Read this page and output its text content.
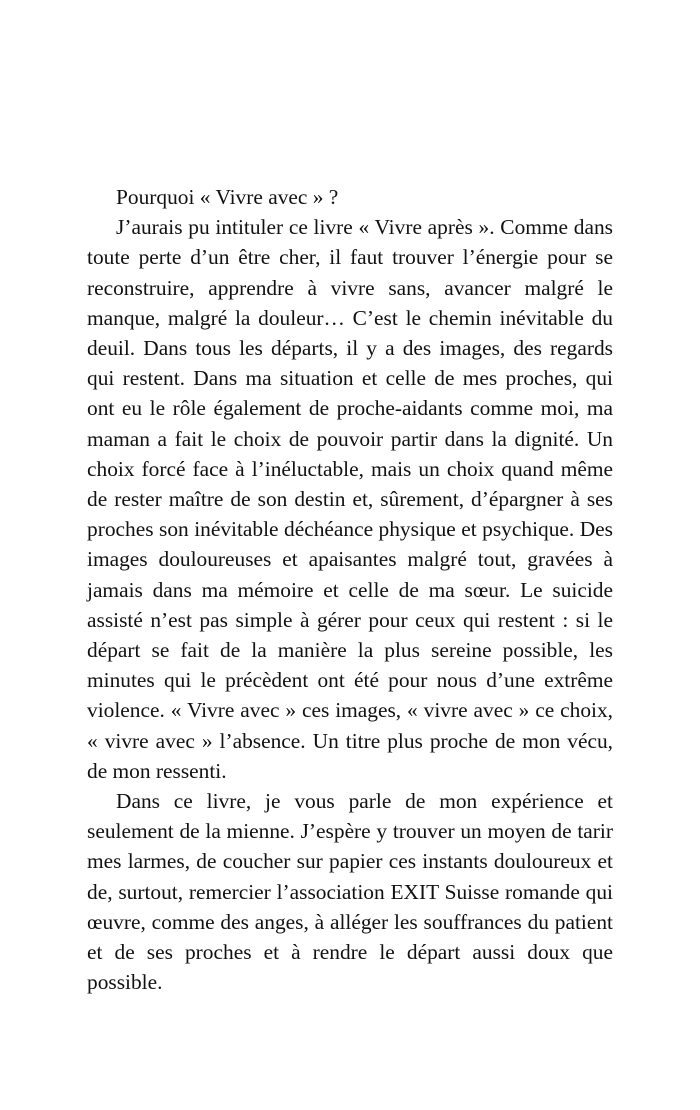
Pourquoi « Vivre avec » ?

J’aurais pu intituler ce livre « Vivre après ». Comme dans toute perte d’un être cher, il faut trouver l’énergie pour se reconstruire, apprendre à vivre sans, avancer malgré le manque, malgré la douleur… C’est le chemin inévitable du deuil. Dans tous les départs, il y a des images, des regards qui restent. Dans ma situation et celle de mes proches, qui ont eu le rôle également de proche-aidants comme moi, ma maman a fait le choix de pouvoir partir dans la dignité. Un choix forcé face à l’inéluctable, mais un choix quand même de rester maître de son destin et, sûrement, d’épargner à ses proches son inévitable déchéance physique et psychique. Des images douloureuses et apaisantes malgré tout, gravées à jamais dans ma mémoire et celle de ma sœur. Le suicide assisté n’est pas simple à gérer pour ceux qui restent : si le départ se fait de la manière la plus sereine possible, les minutes qui le précèdent ont été pour nous d’une extrême violence. « Vivre avec » ces images, « vivre avec » ce choix, « vivre avec » l’absence. Un titre plus proche de mon vécu, de mon ressenti.

Dans ce livre, je vous parle de mon expérience et seulement de la mienne. J’espère y trouver un moyen de tarir mes larmes, de coucher sur papier ces instants douloureux et de, surtout, remercier l’association EXIT Suisse romande qui œuvre, comme des anges, à alléger les souffrances du patient et de ses proches et à rendre le départ aussi doux que possible.
